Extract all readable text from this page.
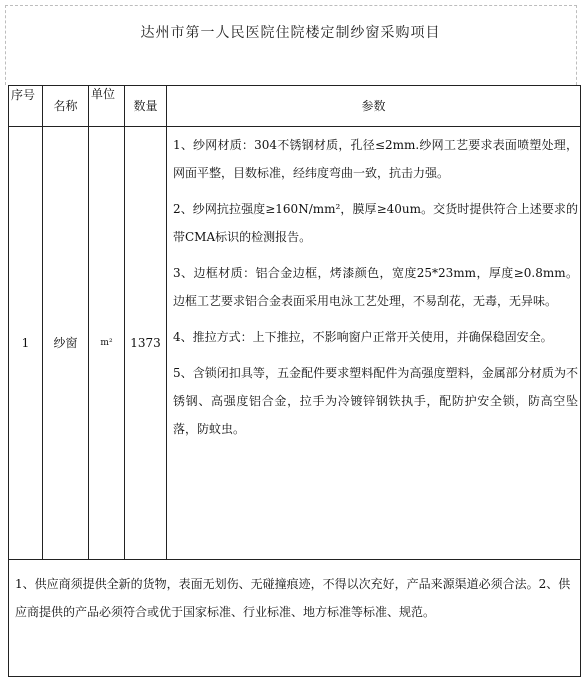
达州市第一人民医院住院楼定制纱窗采购项目
序号	名称	单位	数量	参数
1	纱窗	m²	1373	1、纱网材质：304不锈钢材质，孔径≤2mm.纱网工艺要求表面喷塑处理，网面平整，目数标准，经纬度弯曲一致，抗击力强。

2、纱网抗拉强度≥160N/mm²，膜厚≥40um。交货时提供符合上述要求的带CMA标识的检测报告。

3、边框材质：铝合金边框，烤漆颜色，宽度25*23mm，厚度≥0.8mm。边框工艺要求铝合金表面采用电泳工艺处理，不易刮花，无毒，无异味。

4、推拉方式：上下推拉，不影响窗户正常开关使用，并确保稳固安全。

5、含锁闭扣具等，五金配件要求塑料配件为高强度塑料，金属部分材质为不锈钢、高强度铝合金，拉手为冷镀锌钢铁执手，配防护安全锁，防高空坠落，防蚊虫。

1、供应商须提供全新的货物，表面无划伤、无碰撞痕迹，不得以次充好，产品来源渠道必须合法。2、供应商提供的产品必须符合或优于国家标准、行业标准、地方标准等标准、规范。				
